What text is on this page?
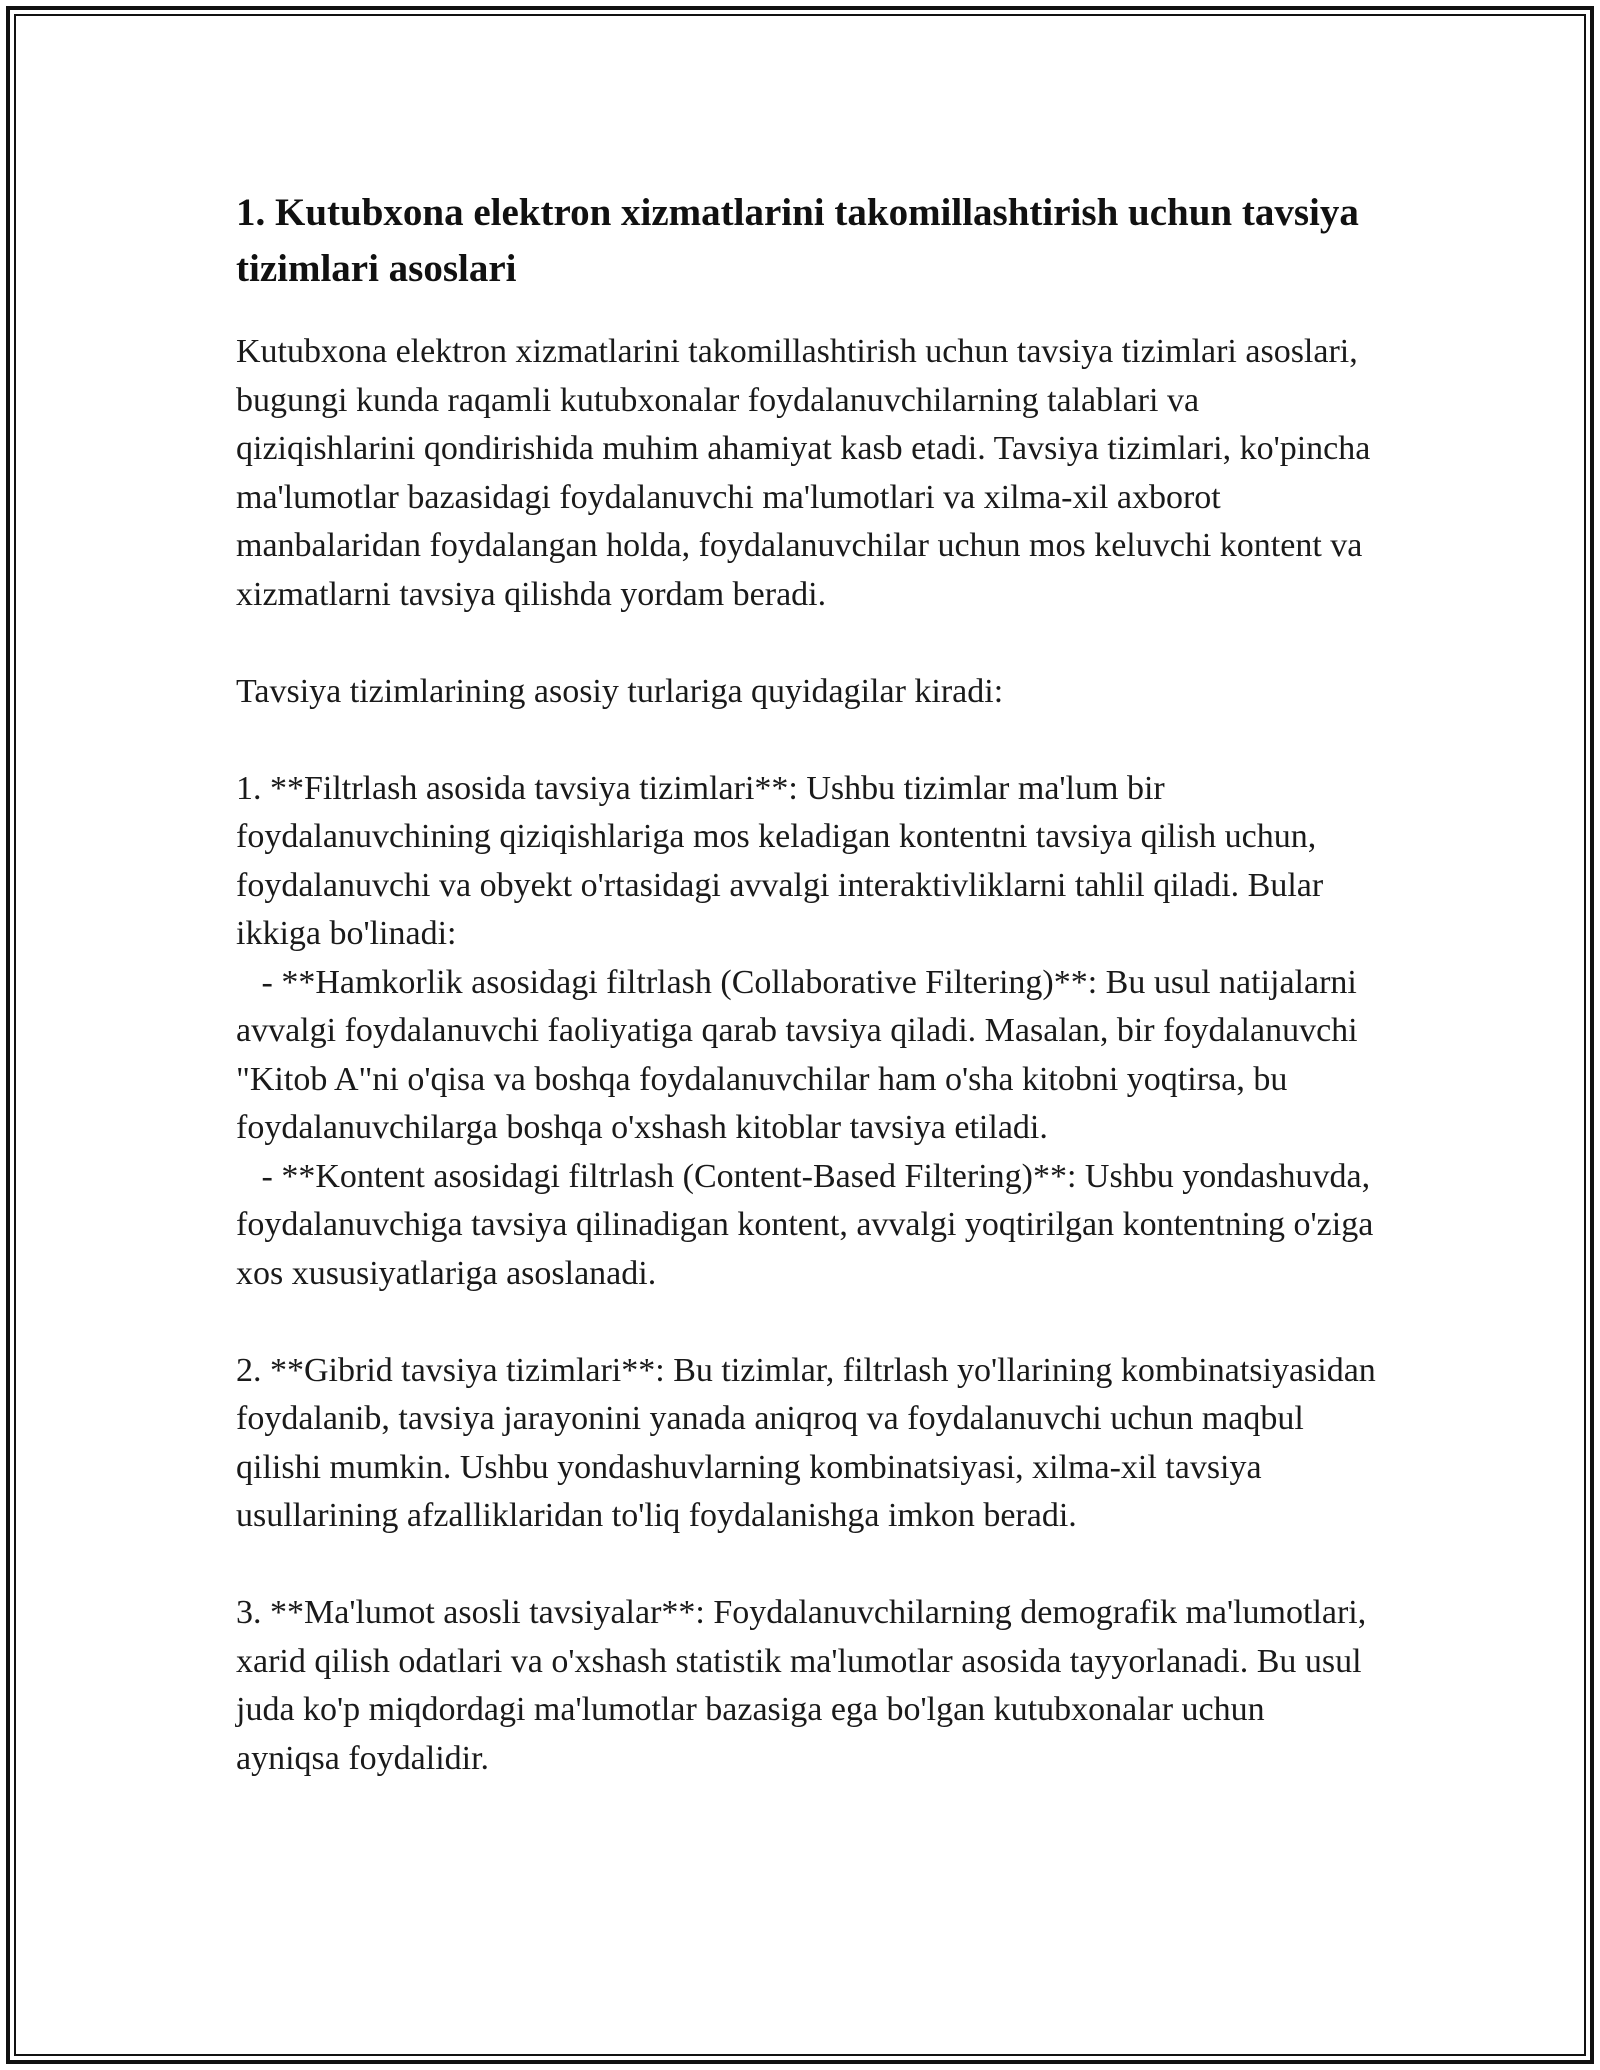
1. Kutubxona elektron xizmatlarini takomillashtirish uchun tavsiya tizimlari asoslari

Kutubxona elektron xizmatlarini takomillashtirish uchun tavsiya tizimlari asoslari, bugungi kunda raqamli kutubxonalar foydalanuvchilarning talablari va qiziqishlarini qondirishida muhim ahamiyat kasb etadi. Tavsiya tizimlari, ko'pincha ma'lumotlar bazasidagi foydalanuvchi ma'lumotlari va xilma-xil axborot manbalaridan foydalangan holda, foydalanuvchilar uchun mos keluvchi kontent va xizmatlarni tavsiya qilishda yordam beradi.

Tavsiya tizimlarining asosiy turlariga quyidagilar kiradi:

1. **Filtrlash asosida tavsiya tizimlari**: Ushbu tizimlar ma'lum bir foydalanuvchining qiziqishlariga mos keladigan kontentni tavsiya qilish uchun, foydalanuvchi va obyekt o'rtasidagi avvalgi interaktivliklarni tahlil qiladi. Bular ikkiga bo'linadi:

- **Hamkorlik asosidagi filtrlash (Collaborative Filtering)**: Bu usul natijalarni avvalgi foydalanuvchi faoliyatiga qarab tavsiya qiladi. Masalan, bir foydalanuvchi "Kitob A"ni o'qisa va boshqa foydalanuvchilar ham o'sha kitobni yoqtirsa, bu foydalanuvchilarga boshqa o'xshash kitoblar tavsiya etiladi.

- **Kontent asosidagi filtrlash (Content-Based Filtering)**: Ushbu yondashuvda, foydalanuvchiga tavsiya qilinadigan kontent, avvalgi yoqtirilgan kontentning o'ziga xos xususiyatlariga asoslanadi.

2. **Gibrid tavsiya tizimlari**: Bu tizimlar, filtrlash yo'llarining kombinatsiyasidan foydalanib, tavsiya jarayonini yanada aniqroq va foydalanuvchi uchun maqbul qilishi mumkin. Ushbu yondashuvlarning kombinatsiyasi, xilma-xil tavsiya usullarining afzalliklaridan to'liq foydalanishga imkon beradi.

3. **Ma'lumot asosli tavsiyalar**: Foydalanuvchilarning demografik ma'lumotlari, xarid qilish odatlari va o'xshash statistik ma'lumotlar asosida tayyorlanadi. Bu usul juda ko'p miqdordagi ma'lumotlar bazasiga ega bo'lgan kutubxonalar uchun ayniqsa foydalidir.
